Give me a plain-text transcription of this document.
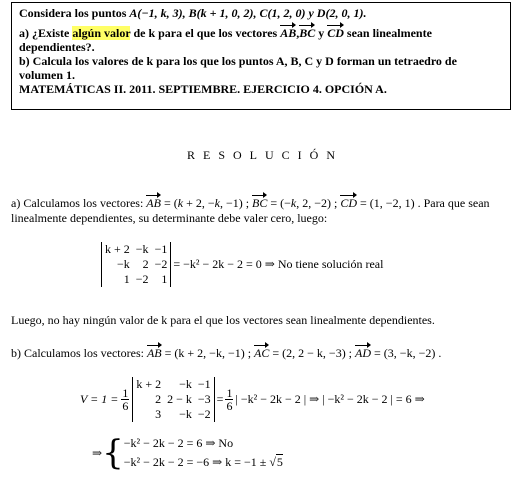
Considera los puntos A(−1, k, 3), B(k + 1, 0, 2), C(1, 2, 0) y D(2, 0, 1).

a) ¿Existe algún valor de k para el que los vectores AB,BC y CD sean linealmente dependientes?.

b) Calcula los valores de k para los que los puntos A, B, C y D forman un tetraedro de volumen 1.

MATEMÁTICAS II. 2011. SEPTIEMBRE. EJERCICIO 4. OPCIÓN A.

RESOLUCIÓN
a) Calculamos los vectores: AB = (k + 2, −k, −1) ; BC = (−k, 2, −2) ; CD = (1, −2, 1) . Para que sean
linealmente dependientes, su determinante debe valer cero, luego:
k + 2	−k	−1
−k	2	−2
1	−2	1
= −k² − 2k − 2 = 0 ⇒ No tiene solución real
Luego, no hay ningún valor de k para el que los vectores sean linealmente dependientes.
b) Calculamos los vectores: AB = (k + 2, −k, −1) ; AC = (2, 2 − k, −3) ; AD = (3, −k, −2) .
$V = 1 = \frac{1}{6}$
k + 2	−k	−1
2	2 − k	−3
3	−k	−2
= $\frac{1}{6}$ | −k² − 2k − 2 | ⇒ | −k² − 2k − 2 | = 6 ⇒
⇒ { −k² − 2k − 2 = 6 ⇒ No
−k² − 2k − 2 = −6 ⇒ k = −1 ± √5
